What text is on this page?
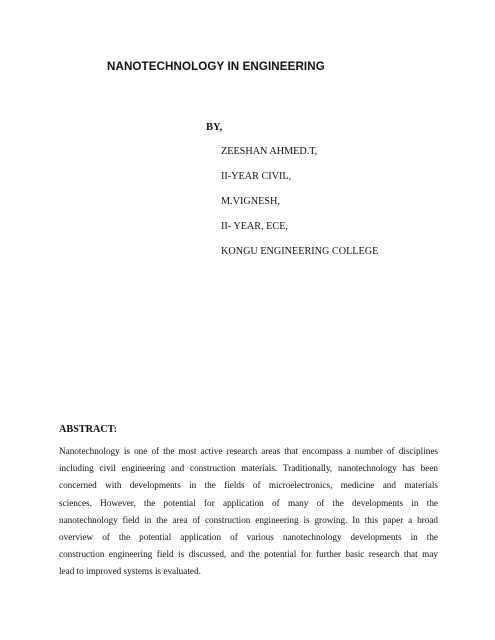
NANOTECHNOLOGY IN ENGINEERING
BY,
ZEESHAN AHMED.T,
II-YEAR CIVIL,
M.VIGNESH,
II- YEAR, ECE,
KONGU ENGINEERING COLLEGE
ABSTRACT:
Nanotechnology is one of the most active research areas that encompass a number of disciplines
including civil engineering and construction materials. Traditionally, nanotechnology has been
concerned with developments in the fields of microelectronics, medicine and materials
sciences. However, the potential for application of many of the developments in the
nanotechnology field in the area of construction engineering is growing. In this paper a broad
overview of the potential application of various nanotechnology developments in the
construction engineering field is discussed, and the potential for further basic research that may
lead to improved systems is evaluated.
